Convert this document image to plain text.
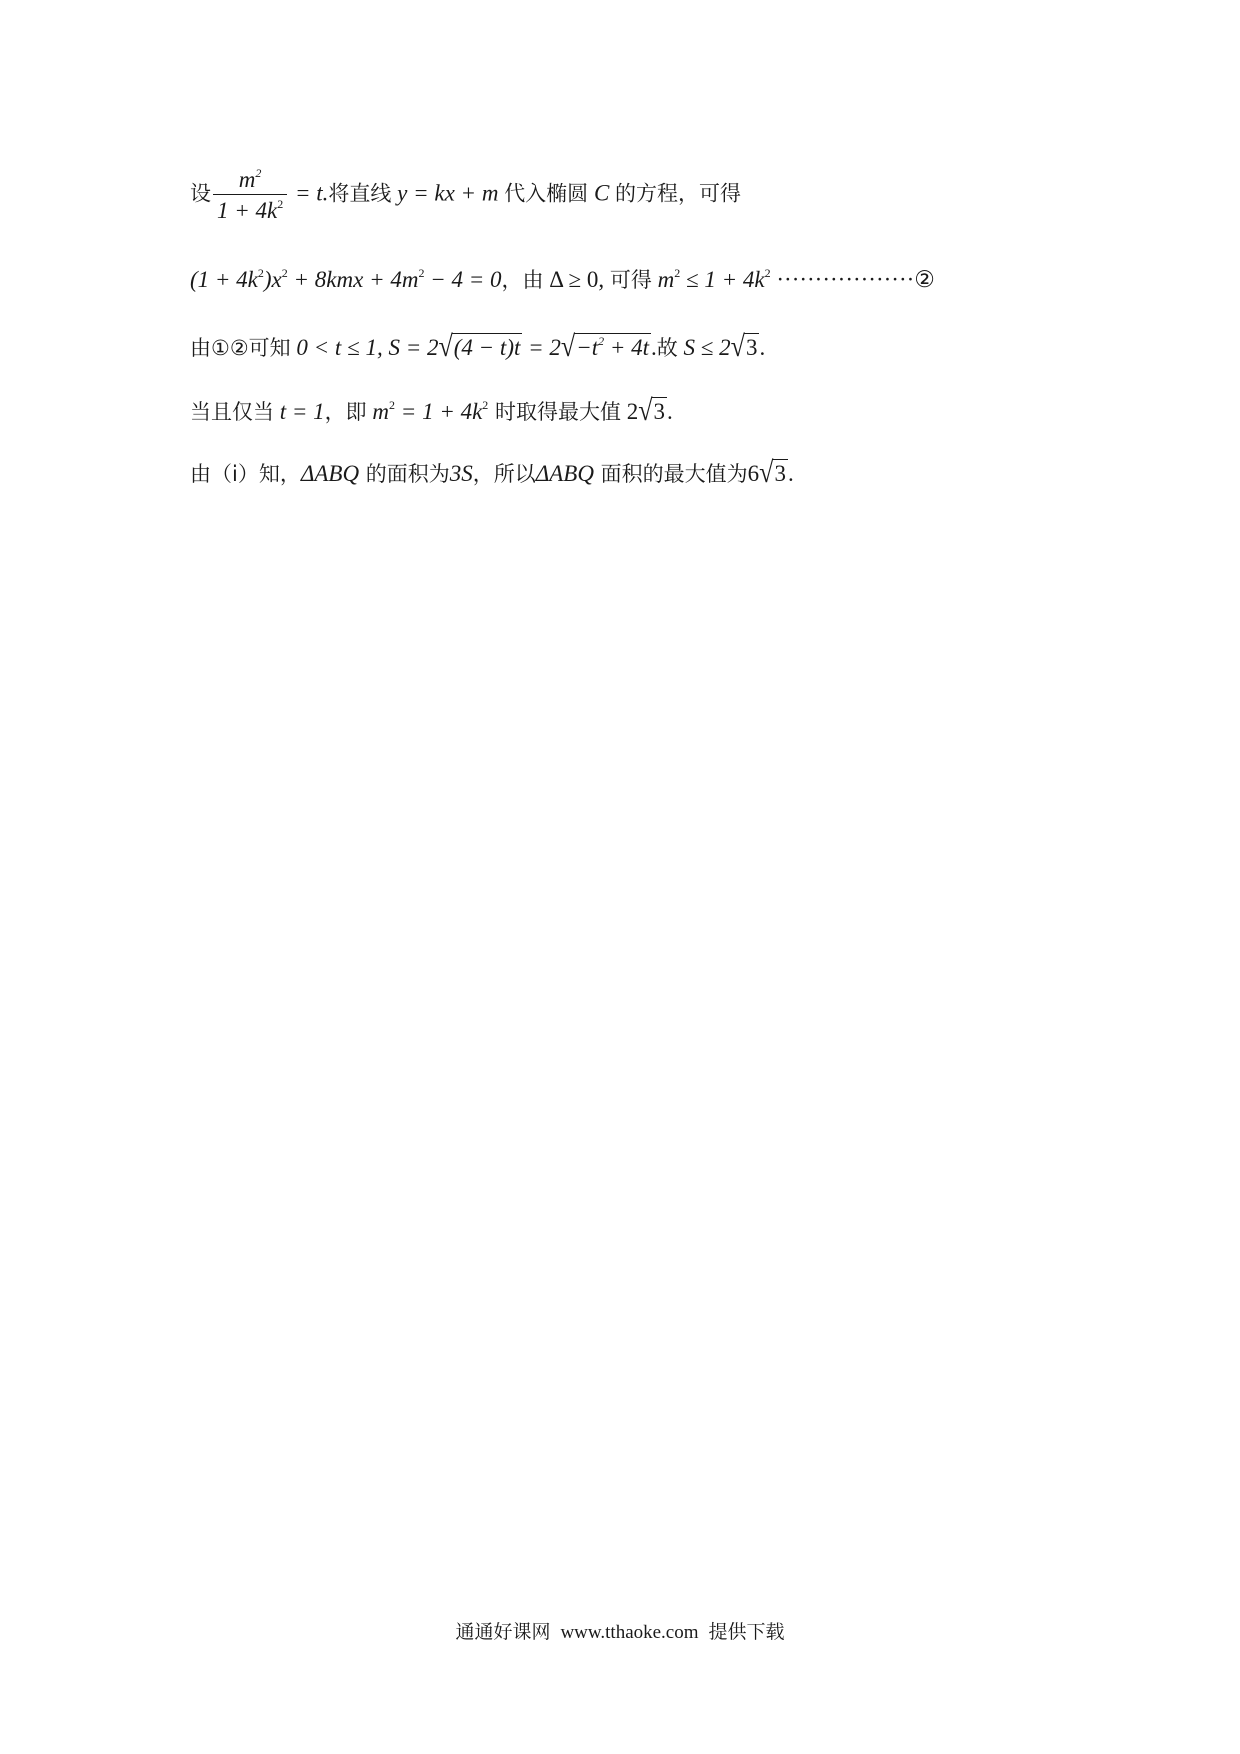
设 $\frac{m^2}{1 + 4k^2} = t$.将直线 y = kx + m 代入椭圆 C 的方程，可得
$(1 + 4k^2)x^2 + 8kmx + 4m^2 - 4 = 0$，由 Δ ≥ 0, 可得 $m^2 \le 1 + 4k^2$ ··················②
由①②可知 0 < t ≤ 1, $S = 2√(4 - t)t = 2√-t^2 + 4t$.故 S ≤ 2√3.
当且仅当 t = 1，即 $m^2 = 1 + 4k^2$ 时取得最大值 2√3.
由（i）知，ΔABQ 的面积为3S，所以ΔABQ 面积的最大值为6√3.
通通好课网 www.tthaoke.com 提供下载
